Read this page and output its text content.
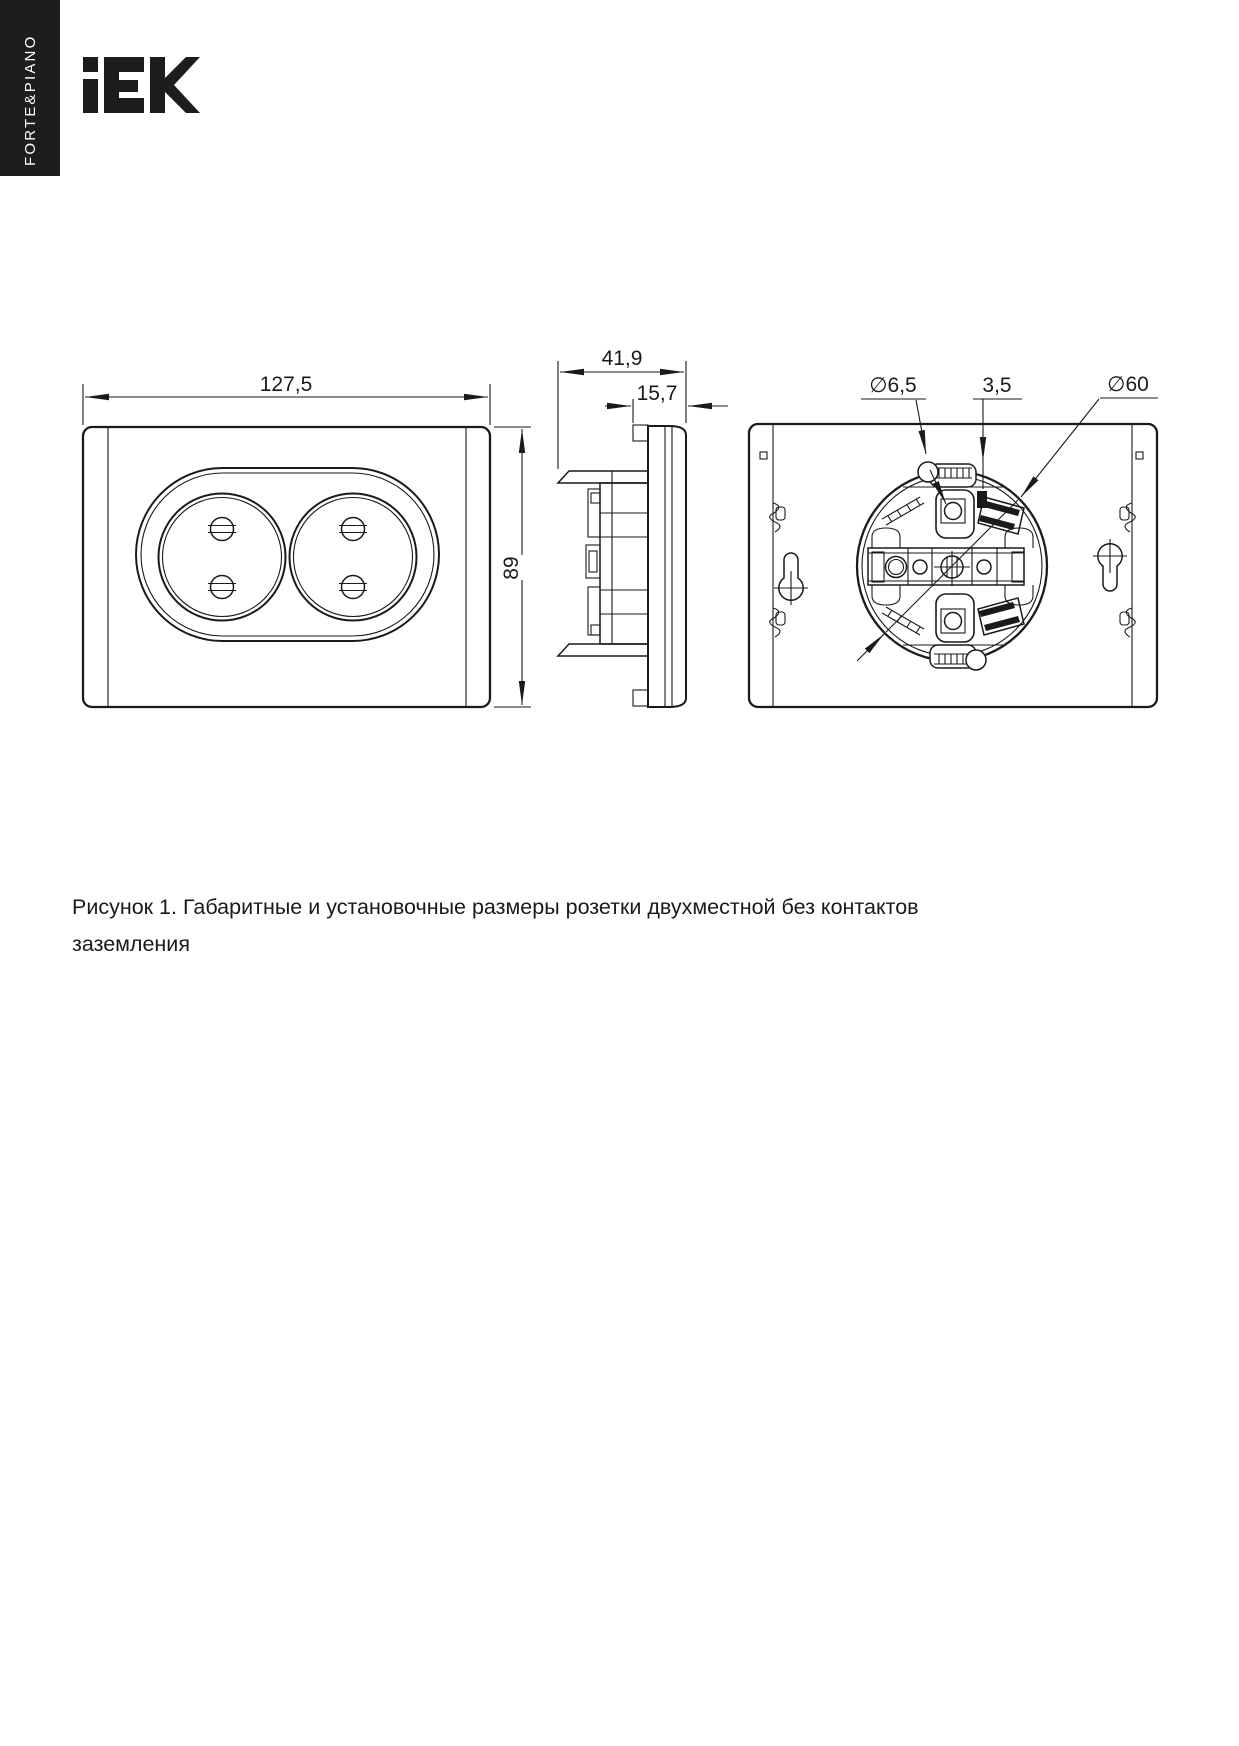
FORTE&PIANO
127,5
89
41,9
15,7	∅6,5	3,5	∅60
Рисунок 1. Габаритные и установочные размеры розетки двухместной без контактов
заземления
